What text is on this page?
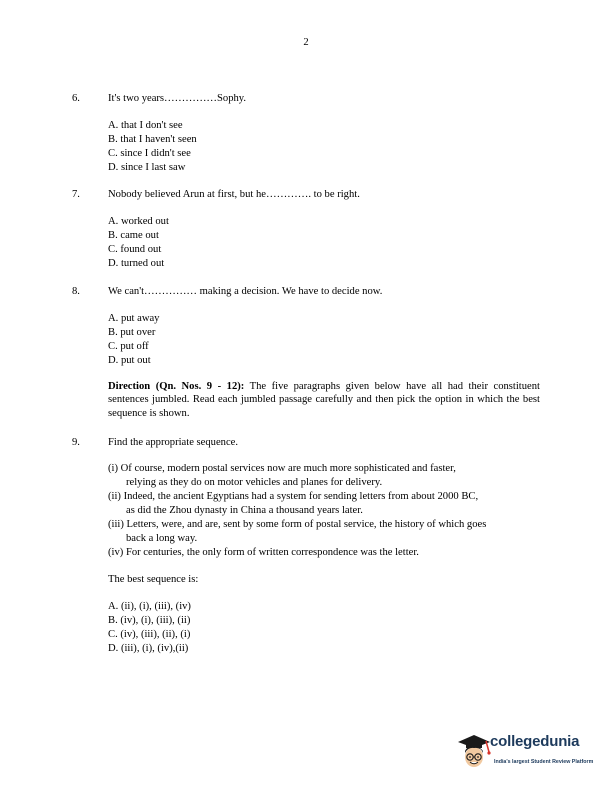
2
6.	It's two years……………Sophy.
A. that I don't see
B. that I haven't seen
C. since I didn't see
D. since I last saw
7.	Nobody believed Arun at first, but he…………. to be right.
A. worked out
B. came out
C. found out
D. turned out
8.	We can't…………… making a decision. We have to decide now.
A. put away
B. put over
C. put off
D. put out
Direction (Qn. Nos. 9 - 12): The five paragraphs given below have all had their constituent sentences jumbled. Read each jumbled passage carefully and then pick the option in which the best sequence is shown.
9.	Find the appropriate sequence.
(i) Of course, modern postal services now are much more sophisticated and faster,
relying as they do on motor vehicles and planes for delivery.
(ii) Indeed, the ancient Egyptians had a system for sending letters from about 2000 BC,
as did the Zhou dynasty in China a thousand years later.
(iii) Letters, were, and are, sent by some form of postal service, the history of which goes
back a long way.
(iv) For centuries, the only form of written correspondence was the letter.
The best sequence is:
A. (ii), (i), (iii), (iv)
B. (iv), (i), (iii), (ii)
C. (iv), (iii), (ii), (i)
D. (iii), (i), (iv),(ii)
collegedunia
India's largest Student Review Platform
